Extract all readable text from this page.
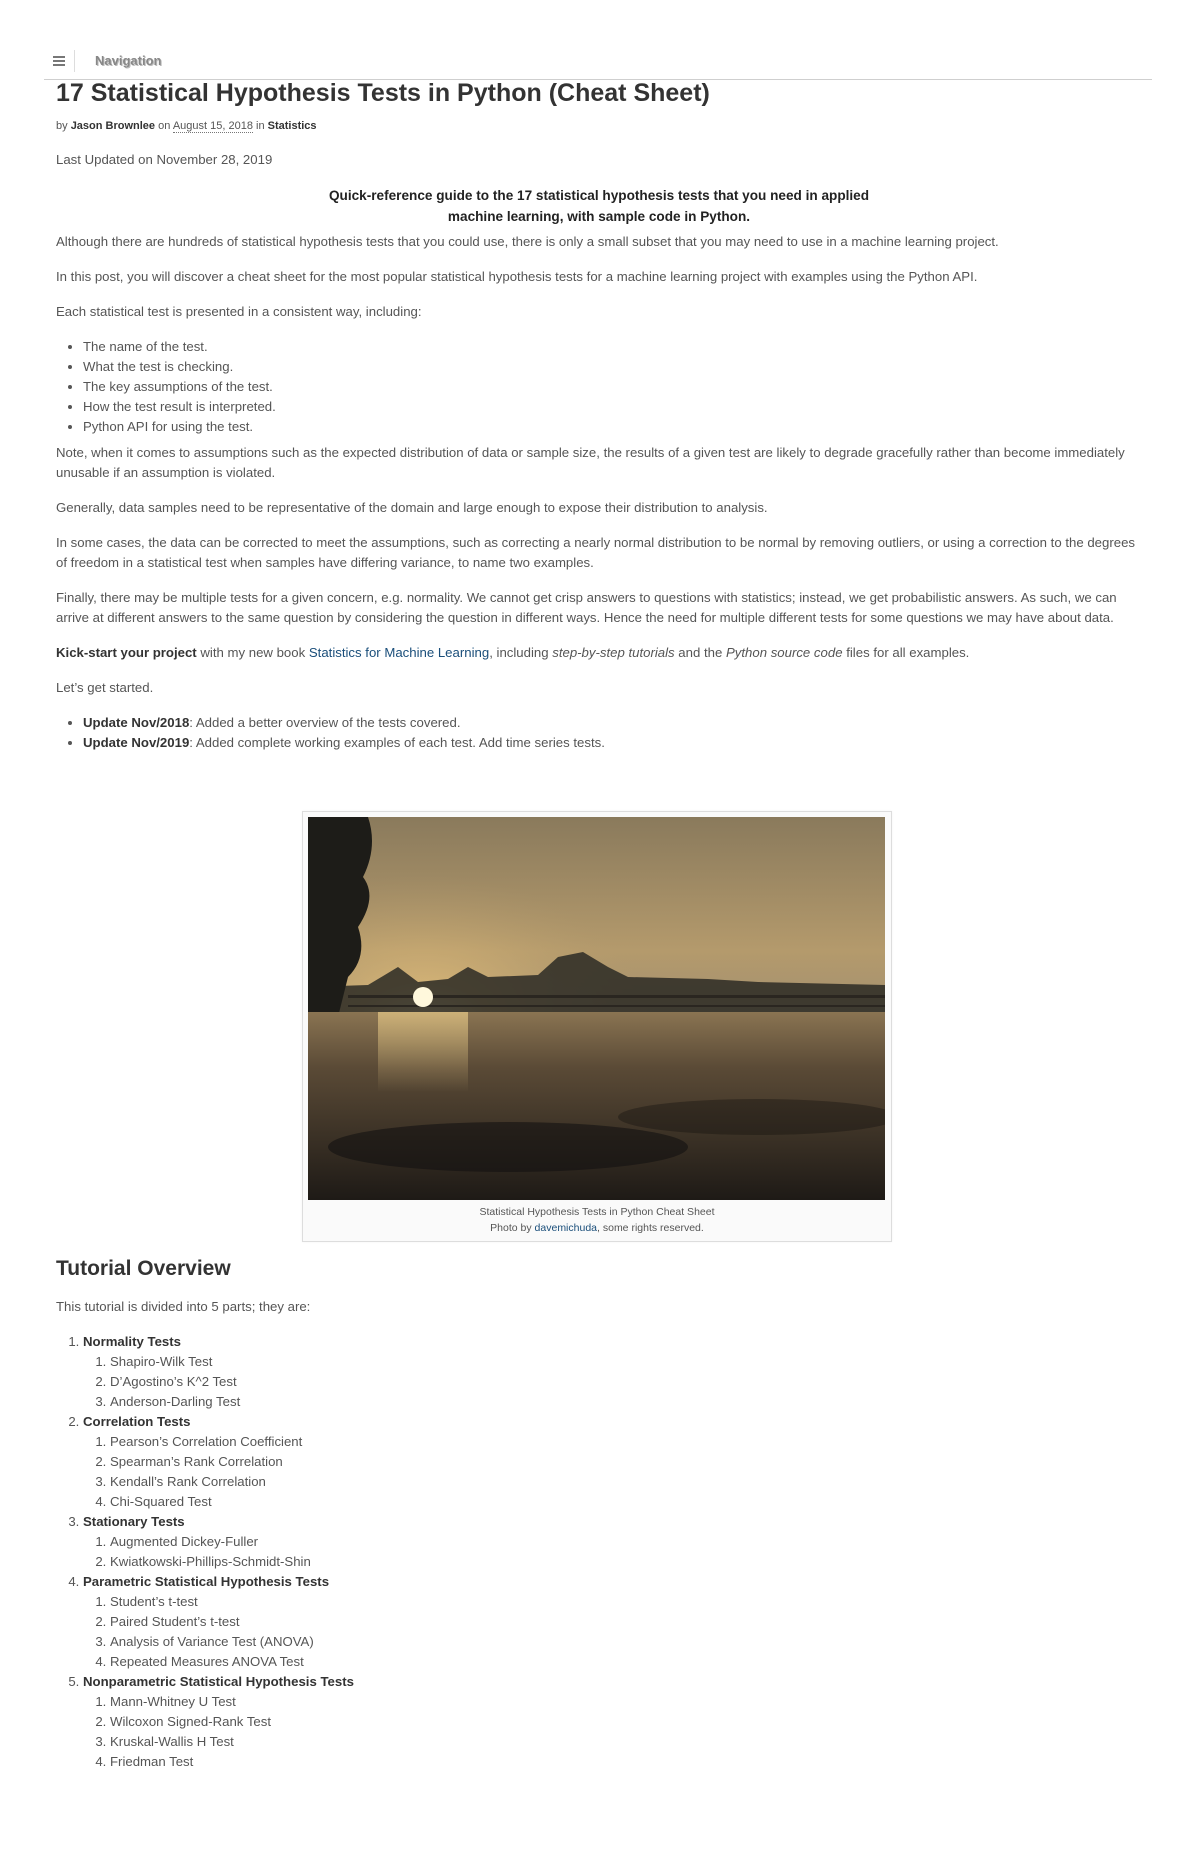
Navigation
17 Statistical Hypothesis Tests in Python (Cheat Sheet)
by Jason Brownlee on August 15, 2018 in Statistics

Last Updated on November 28, 2019

Quick-reference guide to the 17 statistical hypothesis tests that you need in applied machine learning, with sample code in Python.

Although there are hundreds of statistical hypothesis tests that you could use, there is only a small subset that you may need to use in a machine learning project.

In this post, you will discover a cheat sheet for the most popular statistical hypothesis tests for a machine learning project with examples using the Python API.

Each statistical test is presented in a consistent way, including:

• The name of the test.
• What the test is checking.
• The key assumptions of the test.
• How the test result is interpreted.
• Python API for using the test.

Note, when it comes to assumptions such as the expected distribution of data or sample size, the results of a given test are likely to degrade gracefully rather than become immediately unusable if an assumption is violated.

Generally, data samples need to be representative of the domain and large enough to expose their distribution to analysis.

In some cases, the data can be corrected to meet the assumptions, such as correcting a nearly normal distribution to be normal by removing outliers, or using a correction to the degrees of freedom in a statistical test when samples have differing variance, to name two examples.

Finally, there may be multiple tests for a given concern, e.g. normality. We cannot get crisp answers to questions with statistics; instead, we get probabilistic answers. As such, we can arrive at different answers to the same question by considering the question in different ways. Hence the need for multiple different tests for some questions we may have about data.

Kick-start your project with my new book Statistics for Machine Learning, including step-by-step tutorials and the Python source code files for all examples.

Let’s get started.

• Update Nov/2018: Added a better overview of the tests covered.
• Update Nov/2019: Added complete working examples of each test. Add time series tests.
Statistical Hypothesis Tests in Python Cheat Sheet
Photo by davemichuda, some rights reserved.
Tutorial Overview

This tutorial is divided into 5 parts; they are:

1. Normality Tests
1. Shapiro-Wilk Test
2. D’Agostino’s K^2 Test
3. Anderson-Darling Test
2. Correlation Tests
1. Pearson’s Correlation Coefficient
2. Spearman’s Rank Correlation
3. Kendall’s Rank Correlation
4. Chi-Squared Test
3. Stationary Tests
1. Augmented Dickey-Fuller
2. Kwiatkowski-Phillips-Schmidt-Shin
4. Parametric Statistical Hypothesis Tests
1. Student’s t-test
2. Paired Student’s t-test
3. Analysis of Variance Test (ANOVA)
4. Repeated Measures ANOVA Test
5. Nonparametric Statistical Hypothesis Tests
1. Mann-Whitney U Test
2. Wilcoxon Signed-Rank Test
3. Kruskal-Wallis H Test
4. Friedman Test
